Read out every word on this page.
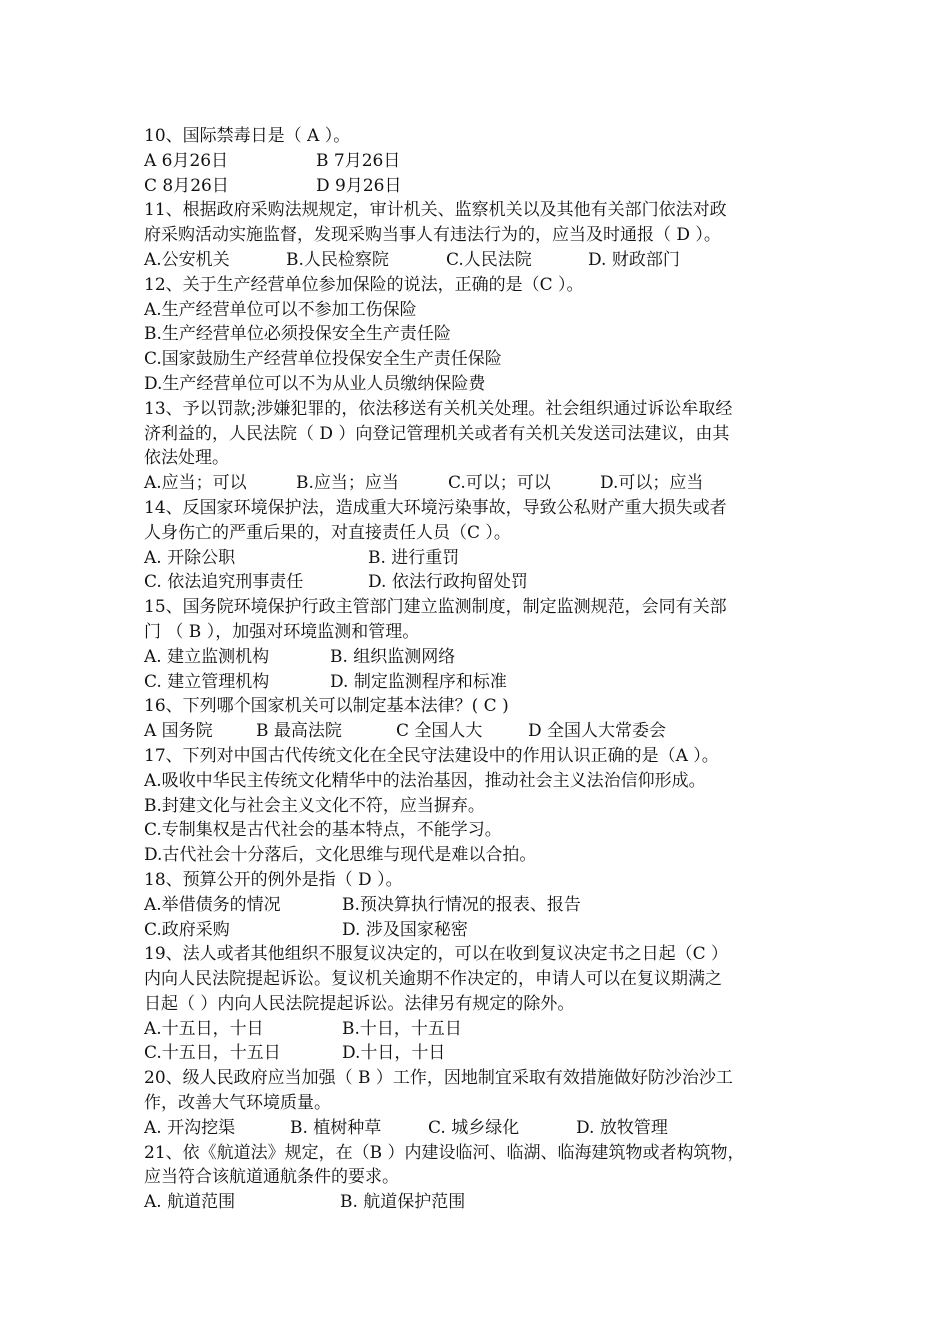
10、国际禁毒日是（ A ）。
A 6月26日	B 7月26日
C 8月26日	D 9月26日
11、根据政府采购法规规定，审计机关、监察机关以及其他有关部门依法对政
府采购活动实施监督，发现采购当事人有违法行为的，应当及时通报（ D ）。
A.公安机关	B.人民检察院	C.人民法院	D. 财政部门
12、关于生产经营单位参加保险的说法，正确的是（C ）。
A.生产经营单位可以不参加工伤保险
B.生产经营单位必须投保安全生产责任险
C.国家鼓励生产经营单位投保安全生产责任保险
D.生产经营单位可以不为从业人员缴纳保险费
13、予以罚款;涉嫌犯罪的，依法移送有关机关处理。社会组织通过诉讼牟取经
济利益的，人民法院（ D ）向登记管理机关或者有关机关发送司法建议，由其
依法处理。
A.应当；可以	B.应当；应当	C.可以；可以	D.可以；应当
14、反国家环境保护法，造成重大环境污染事故，导致公私财产重大损失或者
人身伤亡的严重后果的，对直接责任人员（C ）。
A. 开除公职	B. 进行重罚
C. 依法追究刑事责任	D. 依法行政拘留处罚
15、国务院环境保护行政主管部门建立监测制度，制定监测规范，会同有关部
门 （ B ），加强对环境监测和管理。
A. 建立监测机构	B. 组织监测网络
C. 建立管理机构	D. 制定监测程序和标准
16、下列哪个国家机关可以制定基本法律？( C )
A 国务院	B 最高法院	C 全国人大	D 全国人大常委会
17、下列对中国古代传统文化在全民守法建设中的作用认识正确的是（A ）。
A.吸收中华民主传统文化精华中的法治基因，推动社会主义法治信仰形成。
B.封建文化与社会主义文化不符，应当摒弃。
C.专制集权是古代社会的基本特点，不能学习。
D.古代社会十分落后，文化思维与现代是难以合拍。
18、预算公开的例外是指（ D ）。
A.举借债务的情况	B.预决算执行情况的报表、报告
C.政府采购	D. 涉及国家秘密
19、法人或者其他组织不服复议决定的，可以在收到复议决定书之日起（C ）
内向人民法院提起诉讼。复议机关逾期不作决定的，申请人可以在复议期满之
日起（ ）内向人民法院提起诉讼。法律另有规定的除外。
A.十五日，十日	B.十日，十五日
C.十五日，十五日	D.十日，十日
20、级人民政府应当加强（ B ）工作，因地制宜采取有效措施做好防沙治沙工
作，改善大气环境质量。
A. 开沟挖渠	B. 植树种草	C. 城乡绿化	D. 放牧管理
21、依《航道法》规定，在（B ）内建设临河、临湖、临海建筑物或者构筑物，
应当符合该航道通航条件的要求。
A. 航道范围	B. 航道保护范围
